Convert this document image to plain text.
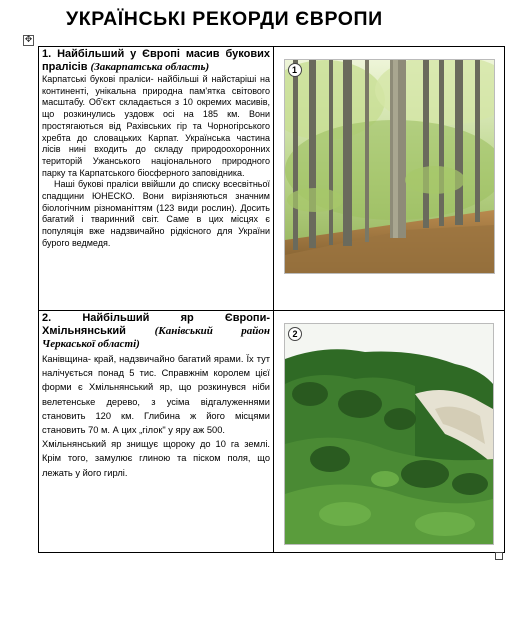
УКРАЇНСЬКІ РЕКОРДИ ЄВРОПИ
✥

1. Найбільший у Європі масив букових пралісів (Закарпатська область)

Карпатські букові праліси- найбільші й найстаріші на континенті, унікальна природна пам'ятка світового масштабу. Об'єкт складається з 10 окремих масивів, що розкинулись уздовж осі на 185 км. Вони простягаються від Рахівських гір та Чорногірського хребта до словацьких Карпат. Українська частина лісів нині входить до складу природоохоронних територій Ужанського національного природного парку та Карпатського біосферного заповідника.

Наші букові праліси ввійшли до списку всесвітньої спадщини ЮНЕСКО. Вони вирізняються значним біологічним різноманіттям (123 види рослин). Досить багатий і тваринний світ. Саме в цих місцях є популяція вже надзвичайно рідкісного для України бурого ведмедя.	1

2. Найбільший яр Європи- Хмільнянський (Канівський район Черкаської області)

Канівщина- край, надзвичайно багатий ярами. Їх тут налічується понад 5 тис. Справжнім королем цієї форми є Хмільнянський яр, що розкинувся ніби велетенське дерево, з усіма відгалуженнями становить 120 км. Глибина ж його місцями становить 70 м. А цих „гілок" у яру аж 500.

Хмільнянський яр знищує щороку до 10 га землі. Крім того, замулює глиною та піском поля, що лежать у його гирлі.	2
